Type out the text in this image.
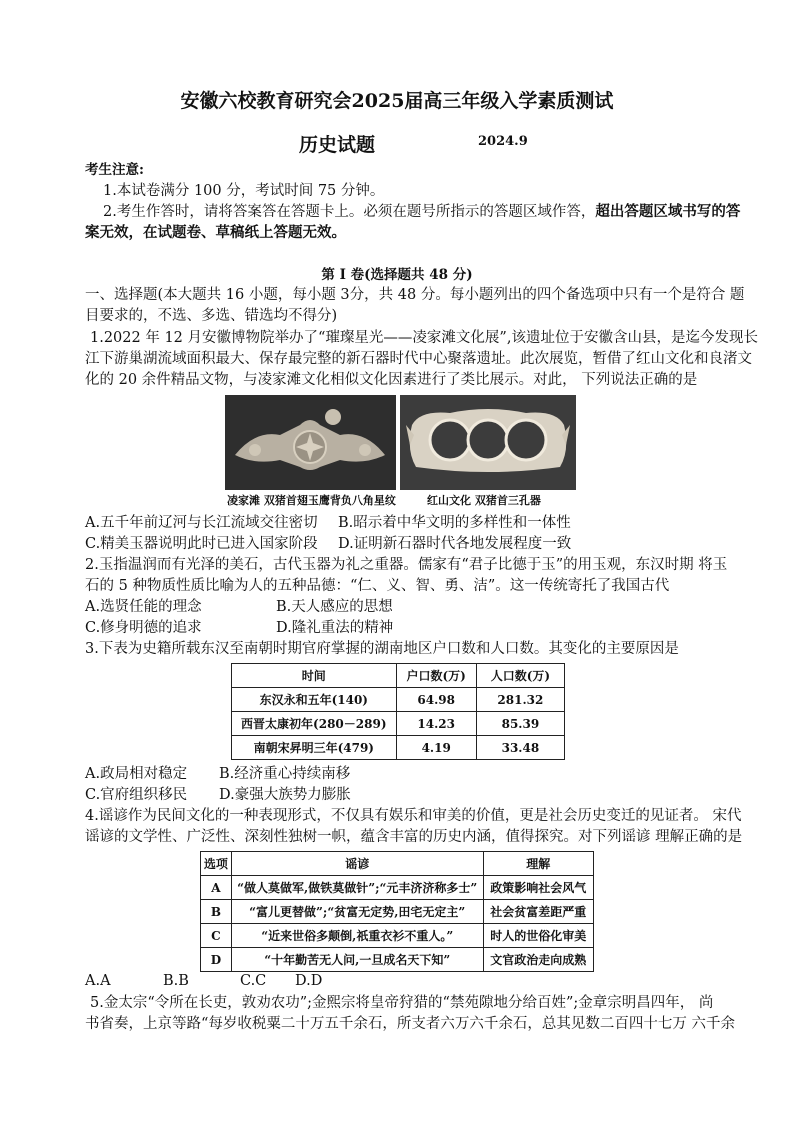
安徽六校教育研究会2025届高三年级入学素质测试
历史试题	2024.9
考生注意:
1.本试卷满分 100 分，考试时间 75 分钟。
2.考生作答时，请将答案答在答题卡上。必须在题号所指示的答题区域作答，超出答题区域书写的答
案无效，在试题卷、草稿纸上答题无效。
第 I 卷(选择题共 48 分)
一、选择题(本大题共 16 小题，每小题 3分，共 48 分。每小题列出的四个备选项中只有一个是符合 题
目要求的，不选、多选、错选均不得分)
1.2022 年 12 月安徽博物院举办了“璀璨星光——凌家滩文化展”,该遗址位于安徽含山县，是迄今发现长
江下游巢湖流域面积最大、保存最完整的新石器时代中心聚落遗址。此次展览，暂借了红山文化和良渚文
化的 20 余件精品文物，与凌家滩文化相似文化因素进行了类比展示。对此， 下列说法正确的是
凌家滩 双猪首翅玉鹰背负八角星纹	红山文化 双猪首三孔器
A.五千年前辽河与长江流域交往密切 B.昭示着中华文明的多样性和一体性
C.精美玉器说明此时已进入国家阶段 D.证明新石器时代各地发展程度一致
2.玉指温润而有光泽的美石，古代玉器为礼之重器。儒家有“君子比德于玉”的用玉观，东汉时期 将玉
石的 5 种物质性质比喻为人的五种品德：“仁、义、智、勇、洁”。这一传统寄托了我国古代
A.选贤任能的理念	B.天人感应的思想
C.修身明德的追求	D.隆礼重法的精神
3.下表为史籍所载东汉至南朝时期官府掌握的湖南地区户口数和人口数。其变化的主要原因是
时间	户口数(万)	人口数(万)
东汉永和五年(140)	64.98	281.32
西晋太康初年(280－289)	14.23	85.39
南朝宋昇明三年(479)	4.19	33.48
A.政局相对稳定 B.经济重心持续南移
C.官府组织移民 D.豪强大族势力膨胀
4.谣谚作为民间文化的一种表现形式，不仅具有娱乐和审美的价值，更是社会历史变迁的见证者。 宋代
谣谚的文学性、广泛性、深刻性独树一帜，蕴含丰富的历史内涵，值得探究。对下列谣谚 理解正确的是
选项	谣谚	理解
A	“做人莫做军,做铁莫做针”;“元丰济济称多士”	政策影响社会风气
B	“富儿更替做”;“贫富无定势,田宅无定主”	社会贫富差距严重
C	“近来世俗多颠倒,祇重衣衫不重人。”	时人的世俗化审美
D	“十年勤苦无人问,一旦成名天下知”	文官政治走向成熟
A.A	B.B	C.C D.D
5.金太宗“令所在长吏，敦劝农功”;金熙宗将皇帝狩猎的“禁苑隙地分给百姓”;金章宗明昌四年， 尚
书省奏，上京等路“每岁收税粟二十万五千余石，所支者六万六千余石，总其见数二百四十七万 六千余
